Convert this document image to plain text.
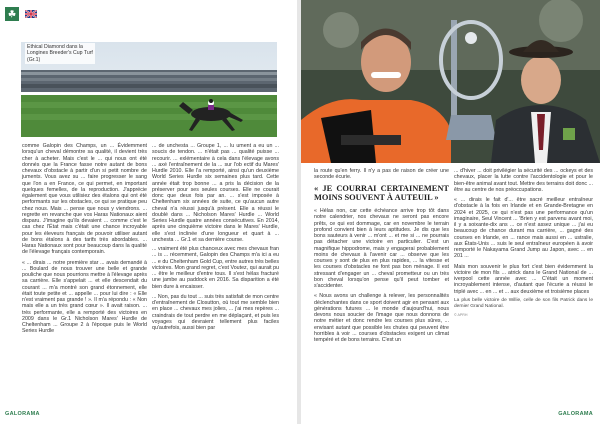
☘
Ethical Diamond dans la Longines Breeder's Cup Turf (Gr.1)

comme Galopin des Champs, un ... Évidemment lorsqu'un cheval démontre sa qualité, il devient très cher à acheter. Mais c'est le ... qui nous ont été donnés que la France fasse notre autant de bons chevaux d'obstacle à partir d'un si petit nombre de juments. Vous avez su ... faire progresser le sang que l'on a en France, ce qui permet, en important quelques femelles, de la reproduction. J'apprécie également que vous utilisiez des étalons qui ont été performants sur les obstacles, ce qui se pratique peu chez nous. Mais ... pense que nous y viendrons. ... regrette en revanche que vos Haras Nationaux aient disparu. J'imagine qu'ils devaient ... comme c'est le cas chez l'État mais c'était une chance incroyable pour les éleveurs français de pouvoir utiliser autant de bons étalons à des tarifs très abordables. ... Haras Nationaux sont pour beaucoup dans la qualité de l'élevage français contemporain.

« ... dirais ... notre première star ... avais demandé à ... Boulard de nous trouver une belle et grande pouliche que nous pourrions mettre à l'élevage après sa carrière. Elle s'appelait ... et elle descendait du courant ... m'a montré son grand étonnement, elle était toute petite et ... appelle ... pour lui dire : « Elle n'est vraiment pas grande ! ». Il m'a répondu : « Non mais elle a un très grand cœur ». Il avait raison. ... très performante, elle a remporté des victoires en 2009 dans le Gr.1 Nicholson Mares' Hurdle de Cheltenham ... Groupe 2 à l'époque puis le World Series Hurdle

... de unchesta ... Groupe 1, ... lu ument a eu un ... soucis de tendon. ... n'était pas ... qualité puisse ... recourir. ... exlémentaire à cela dans l'élevage avons ... axé l'entraînement de la ... sur l'ob ectif du Mares' Hurdle 2010. Elle l'a remporté, ainsi qu'un deuxième World Series Hurdle six semaines plus tard. Cette année était trop bonne ... a pris la décision de la préserver pour ses seules courses. Elle ne courait donc que deux fois par an. ... s'est imposée à Cheltenham six années de suite, ce qu'aucun autre cheval n'a réussi jusqu'à présent. Elle a réussi le doublé dans ... Nicholson Mares' Hurdle ... World Series Hurdle quatre années consécutives. En 2014, après une cinquième victoire dans le Mares' Hurdle, elle s'est inclinée d'une longueur et quart à ... unchesta ... Gr.1 et sa dernière course.

... vraiment été plus chanceux avec mes chevaux fran ... is ... récemment, Galopin des Champs m'a ici a eu ... e du Cheltenham Gold Cup, entre autres très belles victoires. Mon grand regret, c'est Voutez, qui aurait pu ... être le meilleur d'entre tous. Il s'est hélas fracturé une jambe au paddock en 2016. Sa disparition a été bien dure à encaisser.

... Non, pas du tout ... suis très satisfait de mon centre d'entraînement de Closutton, où tout me semble bien en place ... chevaux mes jolies, ... j'ai mes repères ... craindrais de tout perdre en me déplaçant, et puis les voyages qui devraient tellement plus faciles qu'autrefois, aussi bien par

GALORAMA

la route qu'en ferry. Il n'y a pas de raison de créer une seconde écurie.

« JE COURRAI CERTAINEMENT MOINS SOUVENT À AUTEUIL »

« Hélas non, car cette échéance arrive trop tôt dans notre calendrier, nos chevaux ne seront pas encore prêts, ce qui est dommage, car en novembre le terrain profond convient bien à leurs aptitudes. Je dis que les bons sauteurs à venir ... m'ont ... et me si ... ne pourrais pas détacher une victoire en particulier. C'est un magnifique hippodrome, mais y engagerai probablement moins de chevaux à l'avenir car ... observe que les courses y sont de plus en plus rapides, ... la vitesse et les courses d'obstacles ne font pas bon ménage. Il est stressant d'engager un ... cheval prometteur ou un très bon cheval lorsqu'on pense qu'il peut tomber et s'accidenter.

« Nous avons un challenge à relever, les personnalités déclenchantes dans ce sport doivent agir en pensant aux générations futures ... le monde d'aujourd'hui, nous devons nous soucier de l'image que nous donnons de notre métier et donc rendre les courses plus sûres, ... envisant autant que possible les chutes qui peuvent être horribles à voir ... courses d'obstacles exigent un climat tempéré et de bons terrains. C'est un

... d'hiver ... doit privilégier la sécurité des ... ockeys et des chevaux, placer la lutte contre l'accidentologie et pour le bien-être animal avant tout. Mettre des terrains doit donc ... être au centre de nos préoccupations.

« ... dirais le fait d'... être sacré meilleur entraîneur d'obstacle à la fois en Irlande et en Grande-Bretagne en 2024 et 2025, ce qui n'est pas une performance qu'un imaginaire, Seul Vincent ... 'Brien y est parvenu avant moi, il y a soixante-dix ans ... ce n'est assez unique ... j'ai eu beaucoup de chance durant ma carrière, ... gagné des courses en Irlande, en ... rance mais aussi en ... ustralie, aux États-Unis ... suis le seul entraîneur européen à avoir remporté le Nakayama Grand Jump au Japon, avec ... en 201 ...

Mais mon souvenir le plus fort c'est bien évidemment la victoire de mon fils ... atrick dans le Grand National de ... iverpool cette année avec ... C'était un moment incroyablement intense, d'autant que l'écurie a réussi le triplé avec ... en ... et ... aux deuxième et troisième places

La plus belle victoire de Willie, celle de son fils Patrick dans le dernier Grand National.

© APRH

GALORAMA
